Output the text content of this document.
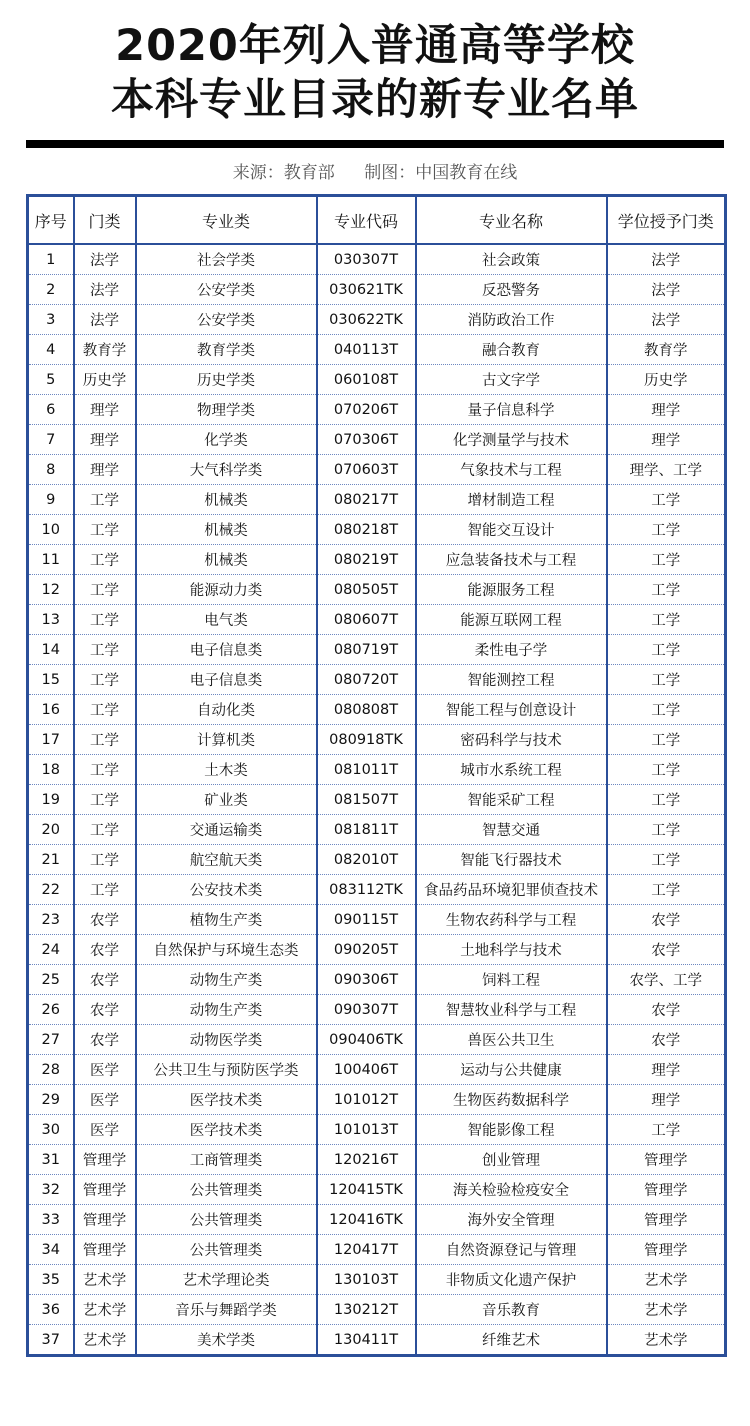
2020年列入普通高等学校
本科专业目录的新专业名单
来源：教育部 制图：中国教育在线
序号	门类	专业类	专业代码	专业名称	学位授予门类
1	法学	社会学类	030307T	社会政策	法学
2	法学	公安学类	030621TK	反恐警务	法学
3	法学	公安学类	030622TK	消防政治工作	法学
4	教育学	教育学类	040113T	融合教育	教育学
5	历史学	历史学类	060108T	古文字学	历史学
6	理学	物理学类	070206T	量子信息科学	理学
7	理学	化学类	070306T	化学测量学与技术	理学
8	理学	大气科学类	070603T	气象技术与工程	理学、工学
9	工学	机械类	080217T	增材制造工程	工学
10	工学	机械类	080218T	智能交互设计	工学
11	工学	机械类	080219T	应急装备技术与工程	工学
12	工学	能源动力类	080505T	能源服务工程	工学
13	工学	电气类	080607T	能源互联网工程	工学
14	工学	电子信息类	080719T	柔性电子学	工学
15	工学	电子信息类	080720T	智能测控工程	工学
16	工学	自动化类	080808T	智能工程与创意设计	工学
17	工学	计算机类	080918TK	密码科学与技术	工学
18	工学	土木类	081011T	城市水系统工程	工学
19	工学	矿业类	081507T	智能采矿工程	工学
20	工学	交通运输类	081811T	智慧交通	工学
21	工学	航空航天类	082010T	智能飞行器技术	工学
22	工学	公安技术类	083112TK	食品药品环境犯罪侦查技术	工学
23	农学	植物生产类	090115T	生物农药科学与工程	农学
24	农学	自然保护与环境生态类	090205T	土地科学与技术	农学
25	农学	动物生产类	090306T	饲料工程	农学、工学
26	农学	动物生产类	090307T	智慧牧业科学与工程	农学
27	农学	动物医学类	090406TK	兽医公共卫生	农学
28	医学	公共卫生与预防医学类	100406T	运动与公共健康	理学
29	医学	医学技术类	101012T	生物医药数据科学	理学
30	医学	医学技术类	101013T	智能影像工程	工学
31	管理学	工商管理类	120216T	创业管理	管理学
32	管理学	公共管理类	120415TK	海关检验检疫安全	管理学
33	管理学	公共管理类	120416TK	海外安全管理	管理学
34	管理学	公共管理类	120417T	自然资源登记与管理	管理学
35	艺术学	艺术学理论类	130103T	非物质文化遗产保护	艺术学
36	艺术学	音乐与舞蹈学类	130212T	音乐教育	艺术学
37	艺术学	美术学类	130411T	纤维艺术	艺术学
